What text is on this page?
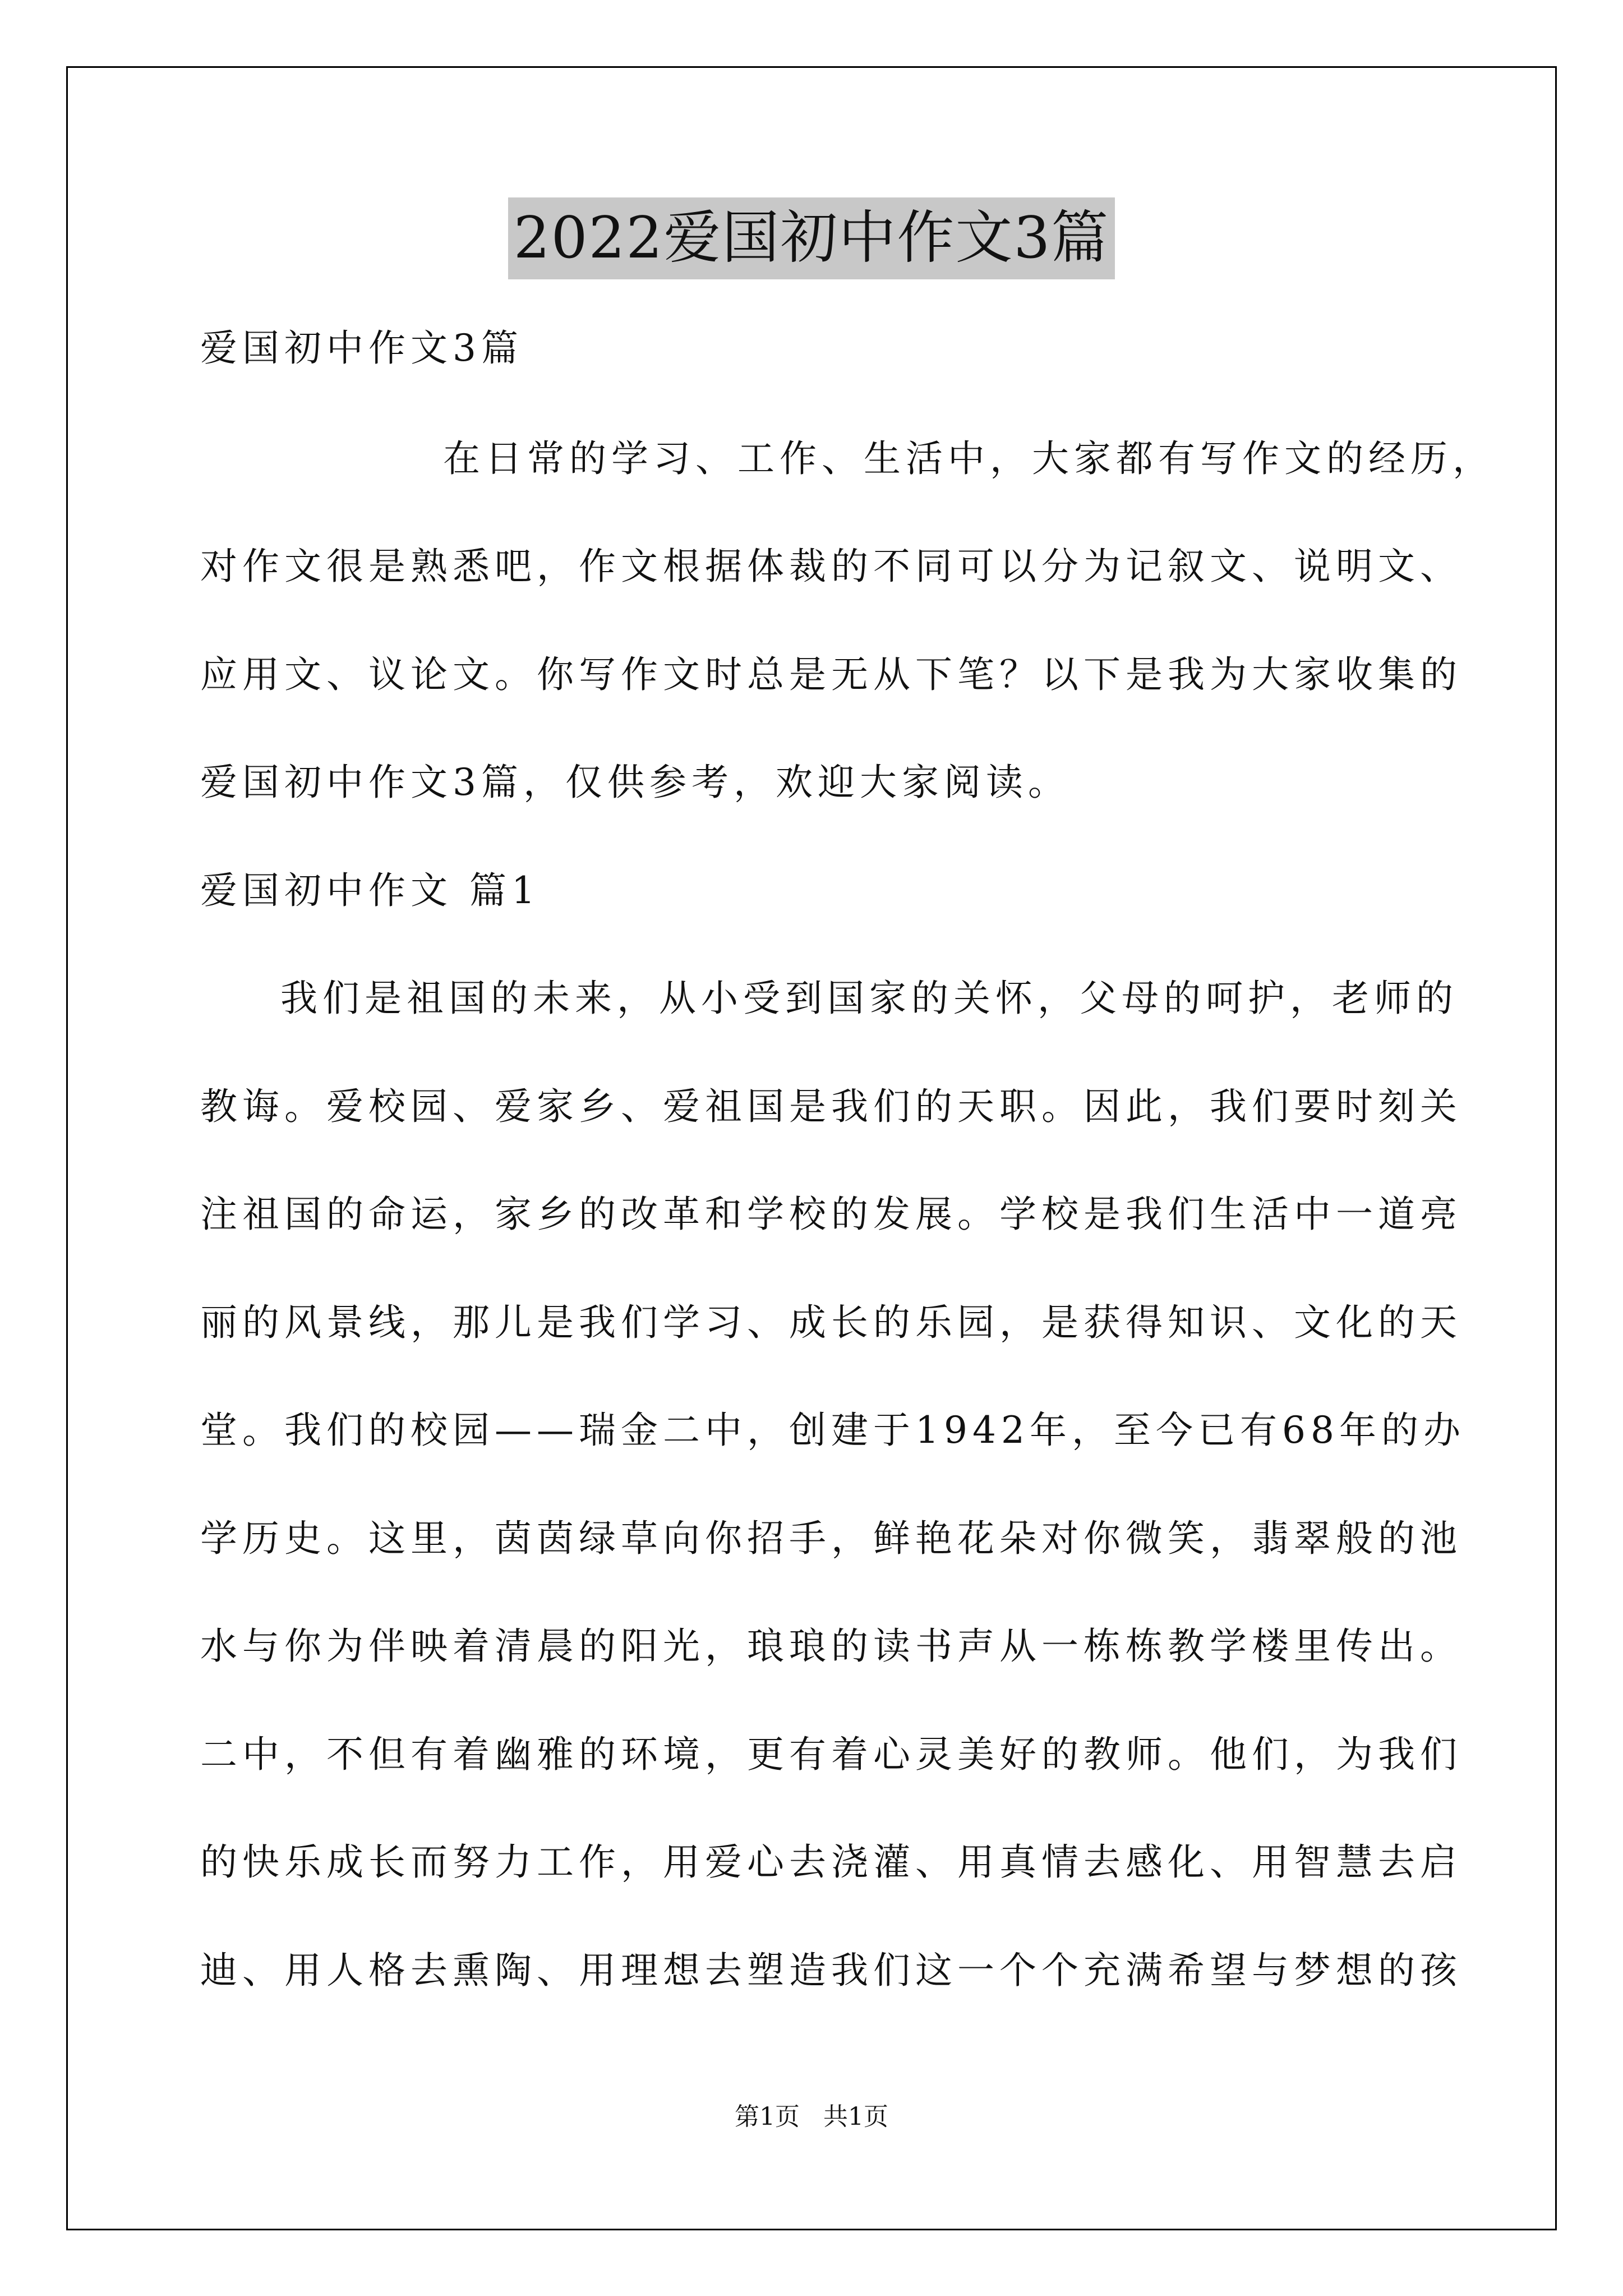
2022爱国初中作文3篇
爱国初中作文3篇
在日常的学习、工作、生活中，大家都有写作文的经历，
对作文很是熟悉吧，作文根据体裁的不同可以分为记叙文、说明文、
应用文、议论文。你写作文时总是无从下笔？以下是我为大家收集的
爱国初中作文3篇，仅供参考，欢迎大家阅读。
爱国初中作文 篇1
我们是祖国的未来，从小受到国家的关怀，父母的呵护，老师的
教诲。爱校园、爱家乡、爱祖国是我们的天职。因此，我们要时刻关
注祖国的命运，家乡的改革和学校的发展。学校是我们生活中一道亮
丽的风景线，那儿是我们学习、成长的乐园，是获得知识、文化的天
堂。我们的校园——瑞金二中，创建于1942年，至今已有68年的办
学历史。这里，茵茵绿草向你招手，鲜艳花朵对你微笑，翡翠般的池
水与你为伴映着清晨的阳光，琅琅的读书声从一栋栋教学楼里传出。
二中，不但有着幽雅的环境，更有着心灵美好的教师。他们，为我们
的快乐成长而努力工作，用爱心去浇灌、用真情去感化、用智慧去启
迪、用人格去熏陶、用理想去塑造我们这一个个充满希望与梦想的孩
第1页   共1页
